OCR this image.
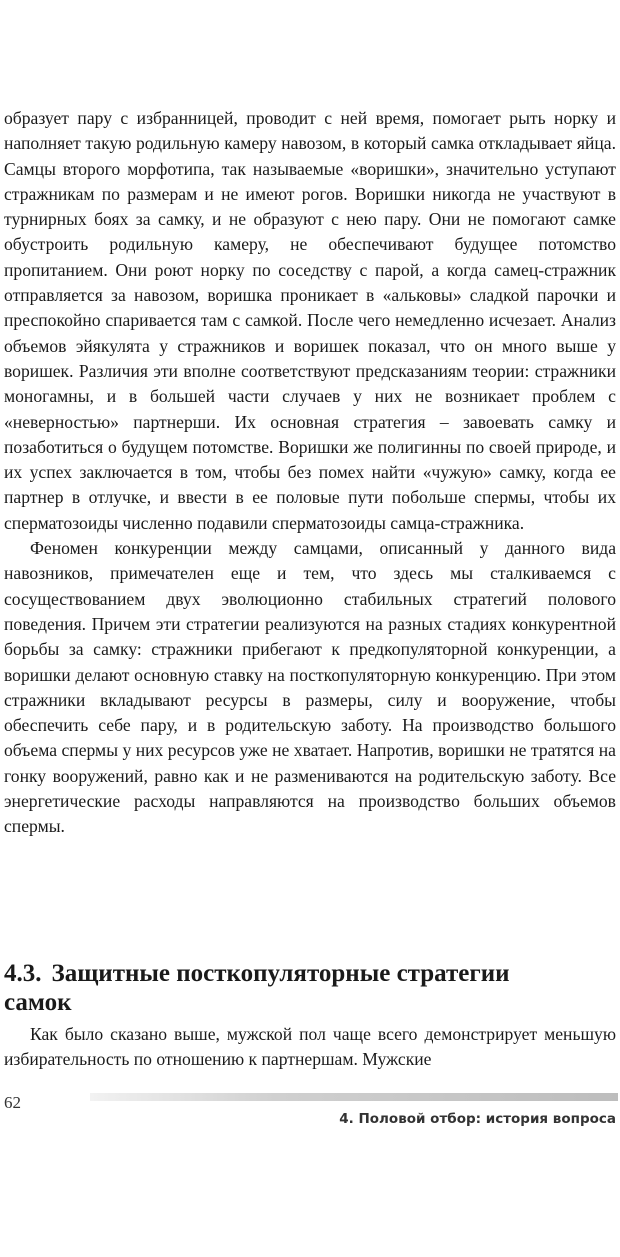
образует пару с избранницей, проводит с ней время, помогает рыть норку и наполняет такую родильную камеру навозом, в который самка откладывает яйца. Самцы второго морфотипа, так называемые «воришки», значительно уступают стражникам по размерам и не имеют рогов. Воришки никогда не участвуют в турнирных боях за самку, и не образуют с нею пару. Они не помогают самке обустроить родильную камеру, не обеспечивают будущее потомство пропитанием. Они роют норку по соседству с парой, а когда самец-стражник отправляется за навозом, воришка проникает в «альковы» сладкой парочки и преспокойно спаривается там с самкой. После чего немедленно исчезает. Анализ объемов эйякулята у стражников и воришек показал, что он много выше у воришек. Различия эти вполне соответствуют предсказаниям теории: стражники моногамны, и в большей части случаев у них не возникает проблем с «неверностью» партнерши. Их основная стратегия – завоевать самку и позаботиться о будущем потомстве. Воришки же полигинны по своей природе, и их успех заключается в том, чтобы без помех найти «чужую» самку, когда ее партнер в отлучке, и ввести в ее половые пути побольше спермы, чтобы их сперматозоиды численно подавили сперматозоиды самца-стражника.

Феномен конкуренции между самцами, описанный у данного вида навозников, примечателен еще и тем, что здесь мы сталкиваемся с сосуществованием двух эволюционно стабильных стратегий полового поведения. Причем эти стратегии реализуются на разных стадиях конкурентной борьбы за самку: стражники прибегают к предкопуляторной конкуренции, а воришки делают основную ставку на посткопуляторную конкуренцию. При этом стражники вкладывают ресурсы в размеры, силу и вооружение, чтобы обеспечить себе пару, и в родительскую заботу. На производство большого объема спермы у них ресурсов уже не хватает. Напротив, воришки не тратятся на гонку вооружений, равно как и не размениваются на родительскую заботу. Все энергетические расходы направляются на производство больших объемов спермы.

4.3. Защитные посткопуляторные стратегии самок

Как было сказано выше, мужской пол чаще всего демонстрирует меньшую избирательность по отношению к партнершам. Мужские

62
4. Половой отбор: история вопроса
